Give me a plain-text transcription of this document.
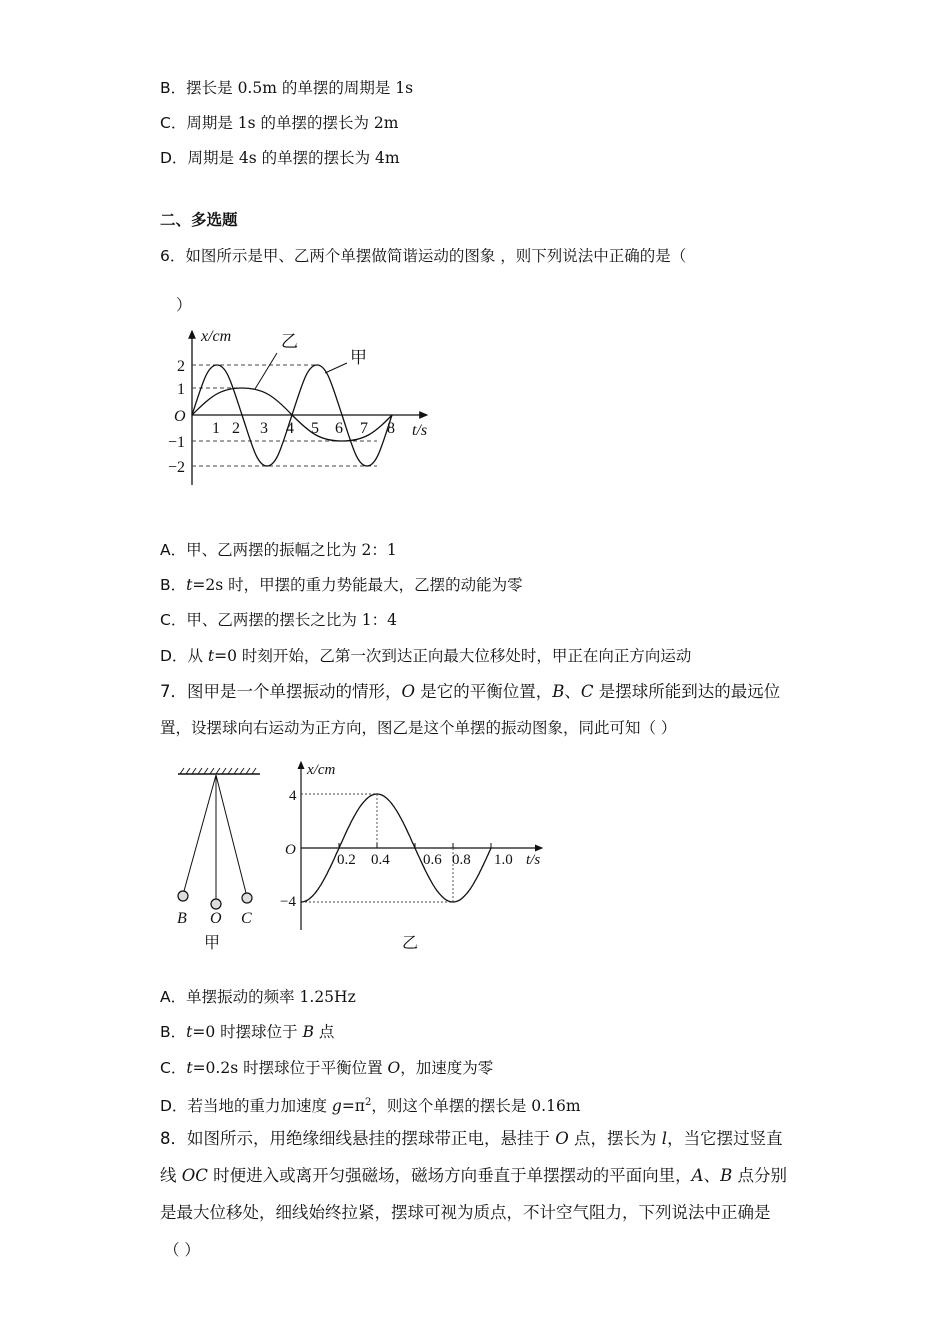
B．摆长是 0.5m 的单摆的周期是 1s
C．周期是 1s 的单摆的摆长为 2m
D．周期是 4s 的单摆的摆长为 4m
二、多选题
6．如图所示是甲、乙两个单摆做简谐运动的图象 ，则下列说法中正确的是（
）
乙
甲
x/cm
t/s
O
2
1
−1
−2
1 2 3 4 5 6 7 8
A．甲、乙两摆的振幅之比为 2：1
B．t=2s 时，甲摆的重力势能最大，乙摆的动能为零
C．甲、乙两摆的摆长之比为 1：4
D．从 t=0 时刻开始，乙第一次到达正向最大位移处时，甲正在向正方向运动
7．图甲是一个单摆振动的情形，O 是它的平衡位置，B、C 是摆球所能到达的最远位
置，设摆球向右运动为正方向，图乙是这个单摆的振动图象，同此可知（ ）
B O C
甲
x/cm
t/s
O
4
−4
0.2 0.4 0.6 0.8 1.0
乙
A．单摆振动的频率 1.25Hz
B．t=0 时摆球位于 B 点
C．t=0.2s 时摆球位于平衡位置 O，加速度为零
D．若当地的重力加速度 $g=\pi^2$，则这个单摆的摆长是 0.16m
8．如图所示，用绝缘细线悬挂的摆球带正电，悬挂于 O 点，摆长为 l，当它摆过竖直
线 OC 时便进入或离开匀强磁场，磁场方向垂直于单摆摆动的平面向里，A、B 点分别
是最大位移处，细线始终拉紧，摆球可视为质点，不计空气阻力，下列说法中正确是
（ ）
